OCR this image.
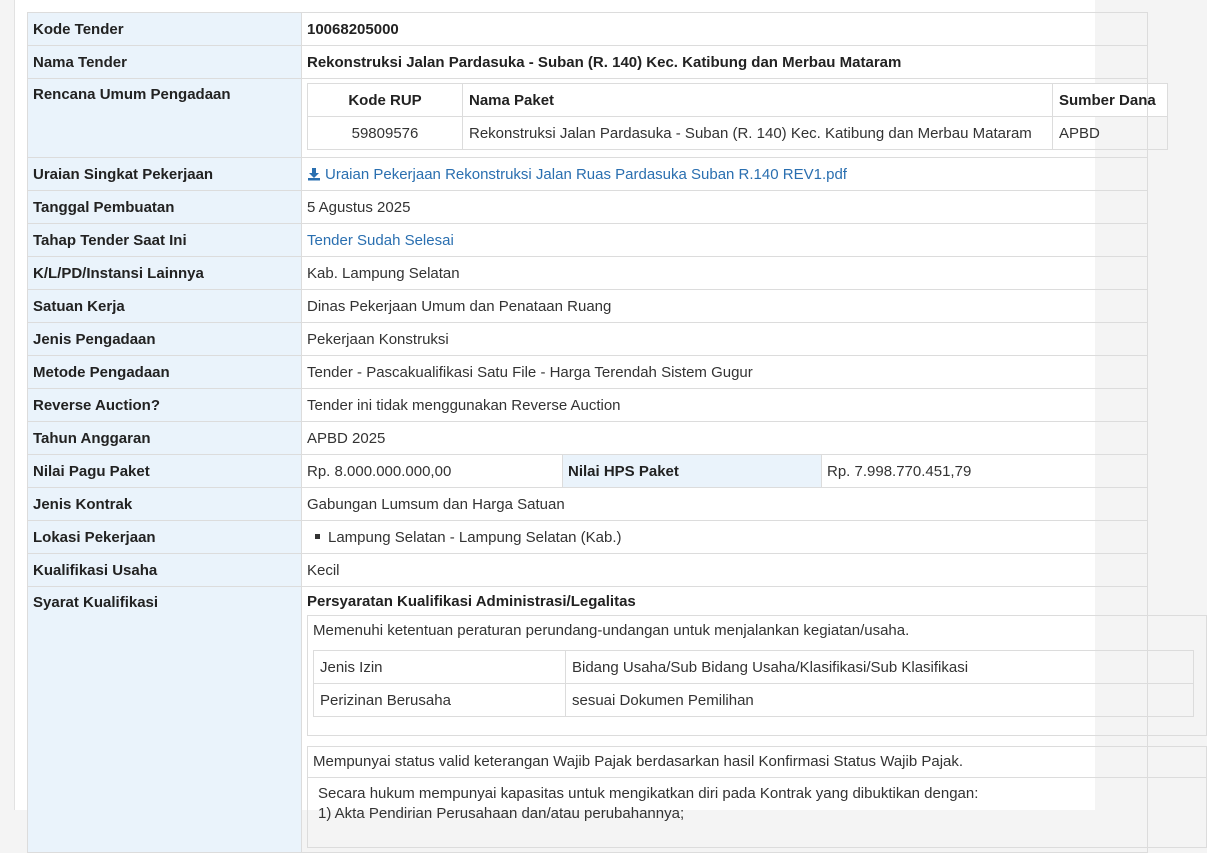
Kode Tender	10068205000
Nama Tender	Rekonstruksi Jalan Pardasuka - Suban (R. 140) Kec. Katibung dan Merbau Mataram
Rencana Umum Pengadaan		Kode RUP	Nama Paket	Sumber Dana
59809576	Rekonstruksi Jalan Pardasuka - Suban (R. 140) Kec. Katibung dan Merbau Mataram	APBD

Uraian Singkat Pekerjaan	Uraian Pekerjaan Rekonstruksi Jalan Ruas Pardasuka Suban R.140 REV1.pdf
Tanggal Pembuatan	5 Agustus 2025
Tahap Tender Saat Ini	Tender Sudah Selesai
K/L/PD/Instansi Lainnya	Kab. Lampung Selatan
Satuan Kerja	Dinas Pekerjaan Umum dan Penataan Ruang
Jenis Pengadaan	Pekerjaan Konstruksi
Metode Pengadaan	Tender - Pascakualifikasi Satu File - Harga Terendah Sistem Gugur
Reverse Auction?	Tender ini tidak menggunakan Reverse Auction
Tahun Anggaran	APBD 2025
Nilai Pagu Paket	Rp. 8.000.000.000,00	Nilai HPS Paket	Rp. 7.998.770.451,79
Jenis Kontrak	Gabungan Lumsum dan Harga Satuan
Lokasi Pekerjaan	Lampung Selatan - Lampung Selatan (Kab.)
Kualifikasi Usaha	Kecil
Syarat Kualifikasi	Persyaratan Kualifikasi Administrasi/Legalitas
Memenuhi ketentuan peraturan perundang-undangan untuk menjalankan kegiatan/usaha.
Jenis Izin	Bidang Usaha/Sub Bidang Usaha/Klasifikasi/Sub Klasifikasi
Perizinan Berusaha	sesuai Dokumen Pemilihan
Mempunyai status valid keterangan Wajib Pajak berdasarkan hasil Konfirmasi Status Wajib Pajak.
Secara hukum mempunyai kapasitas untuk mengikatkan diri pada Kontrak yang dibuktikan dengan:
1) Akta Pendirian Perusahaan dan/atau perubahannya;
